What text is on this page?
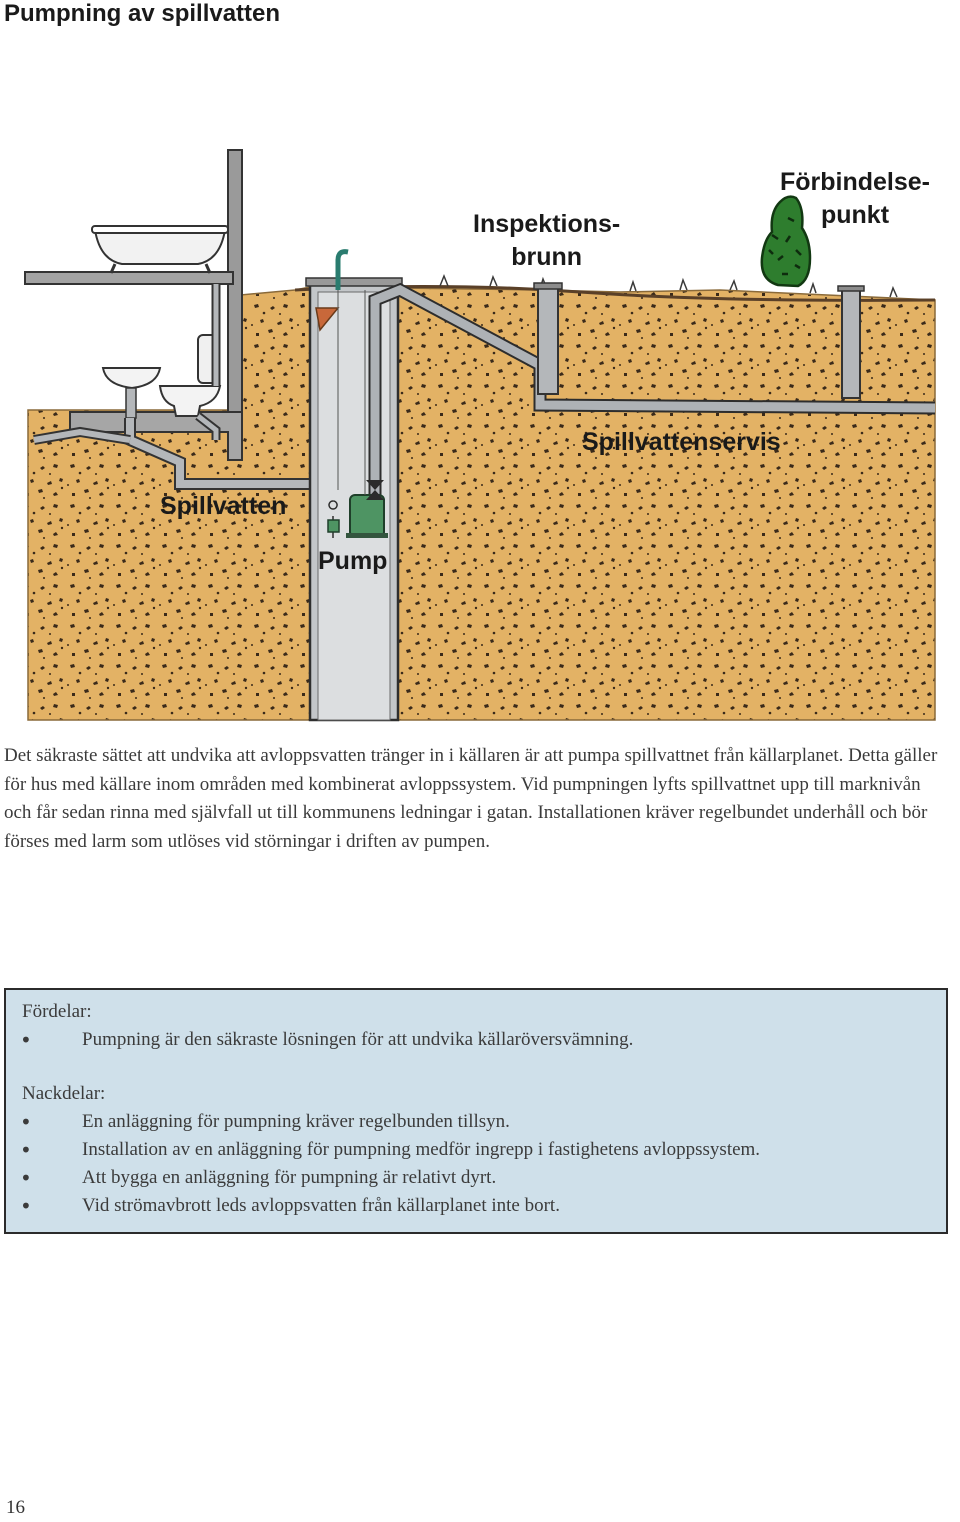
Pumpning av spillvatten
Inspektions-
brunn
Förbindelse-
punkt
Spillvattenservis
Spillvatten
Pump

Det säkraste sättet att undvika att avloppsvatten tränger in i källaren är att pumpa spillvattnet från källarplanet. Detta gäller för hus med källare inom områden med kombinerat avloppssystem. Vid pumpningen lyfts spillvattnet upp till marknivån och får sedan rinna med självfall ut till kommunens ledningar i gatan. Installationen kräver regelbundet underhåll och bör förses med larm som utlöses vid störningar i driften av pumpen.

Fördelar:
•	Pumpning är den säkraste lösningen för att undvika källaröversvämning.
Nackdelar:
•	En anläggning för pumpning kräver regelbunden tillsyn.
•	Installation av en anläggning för pumpning medför ingrepp i fastighetens avloppssystem.
•	Att bygga en anläggning för pumpning är relativt dyrt.
•	Vid strömavbrott leds avloppsvatten från källarplanet inte bort.
16
